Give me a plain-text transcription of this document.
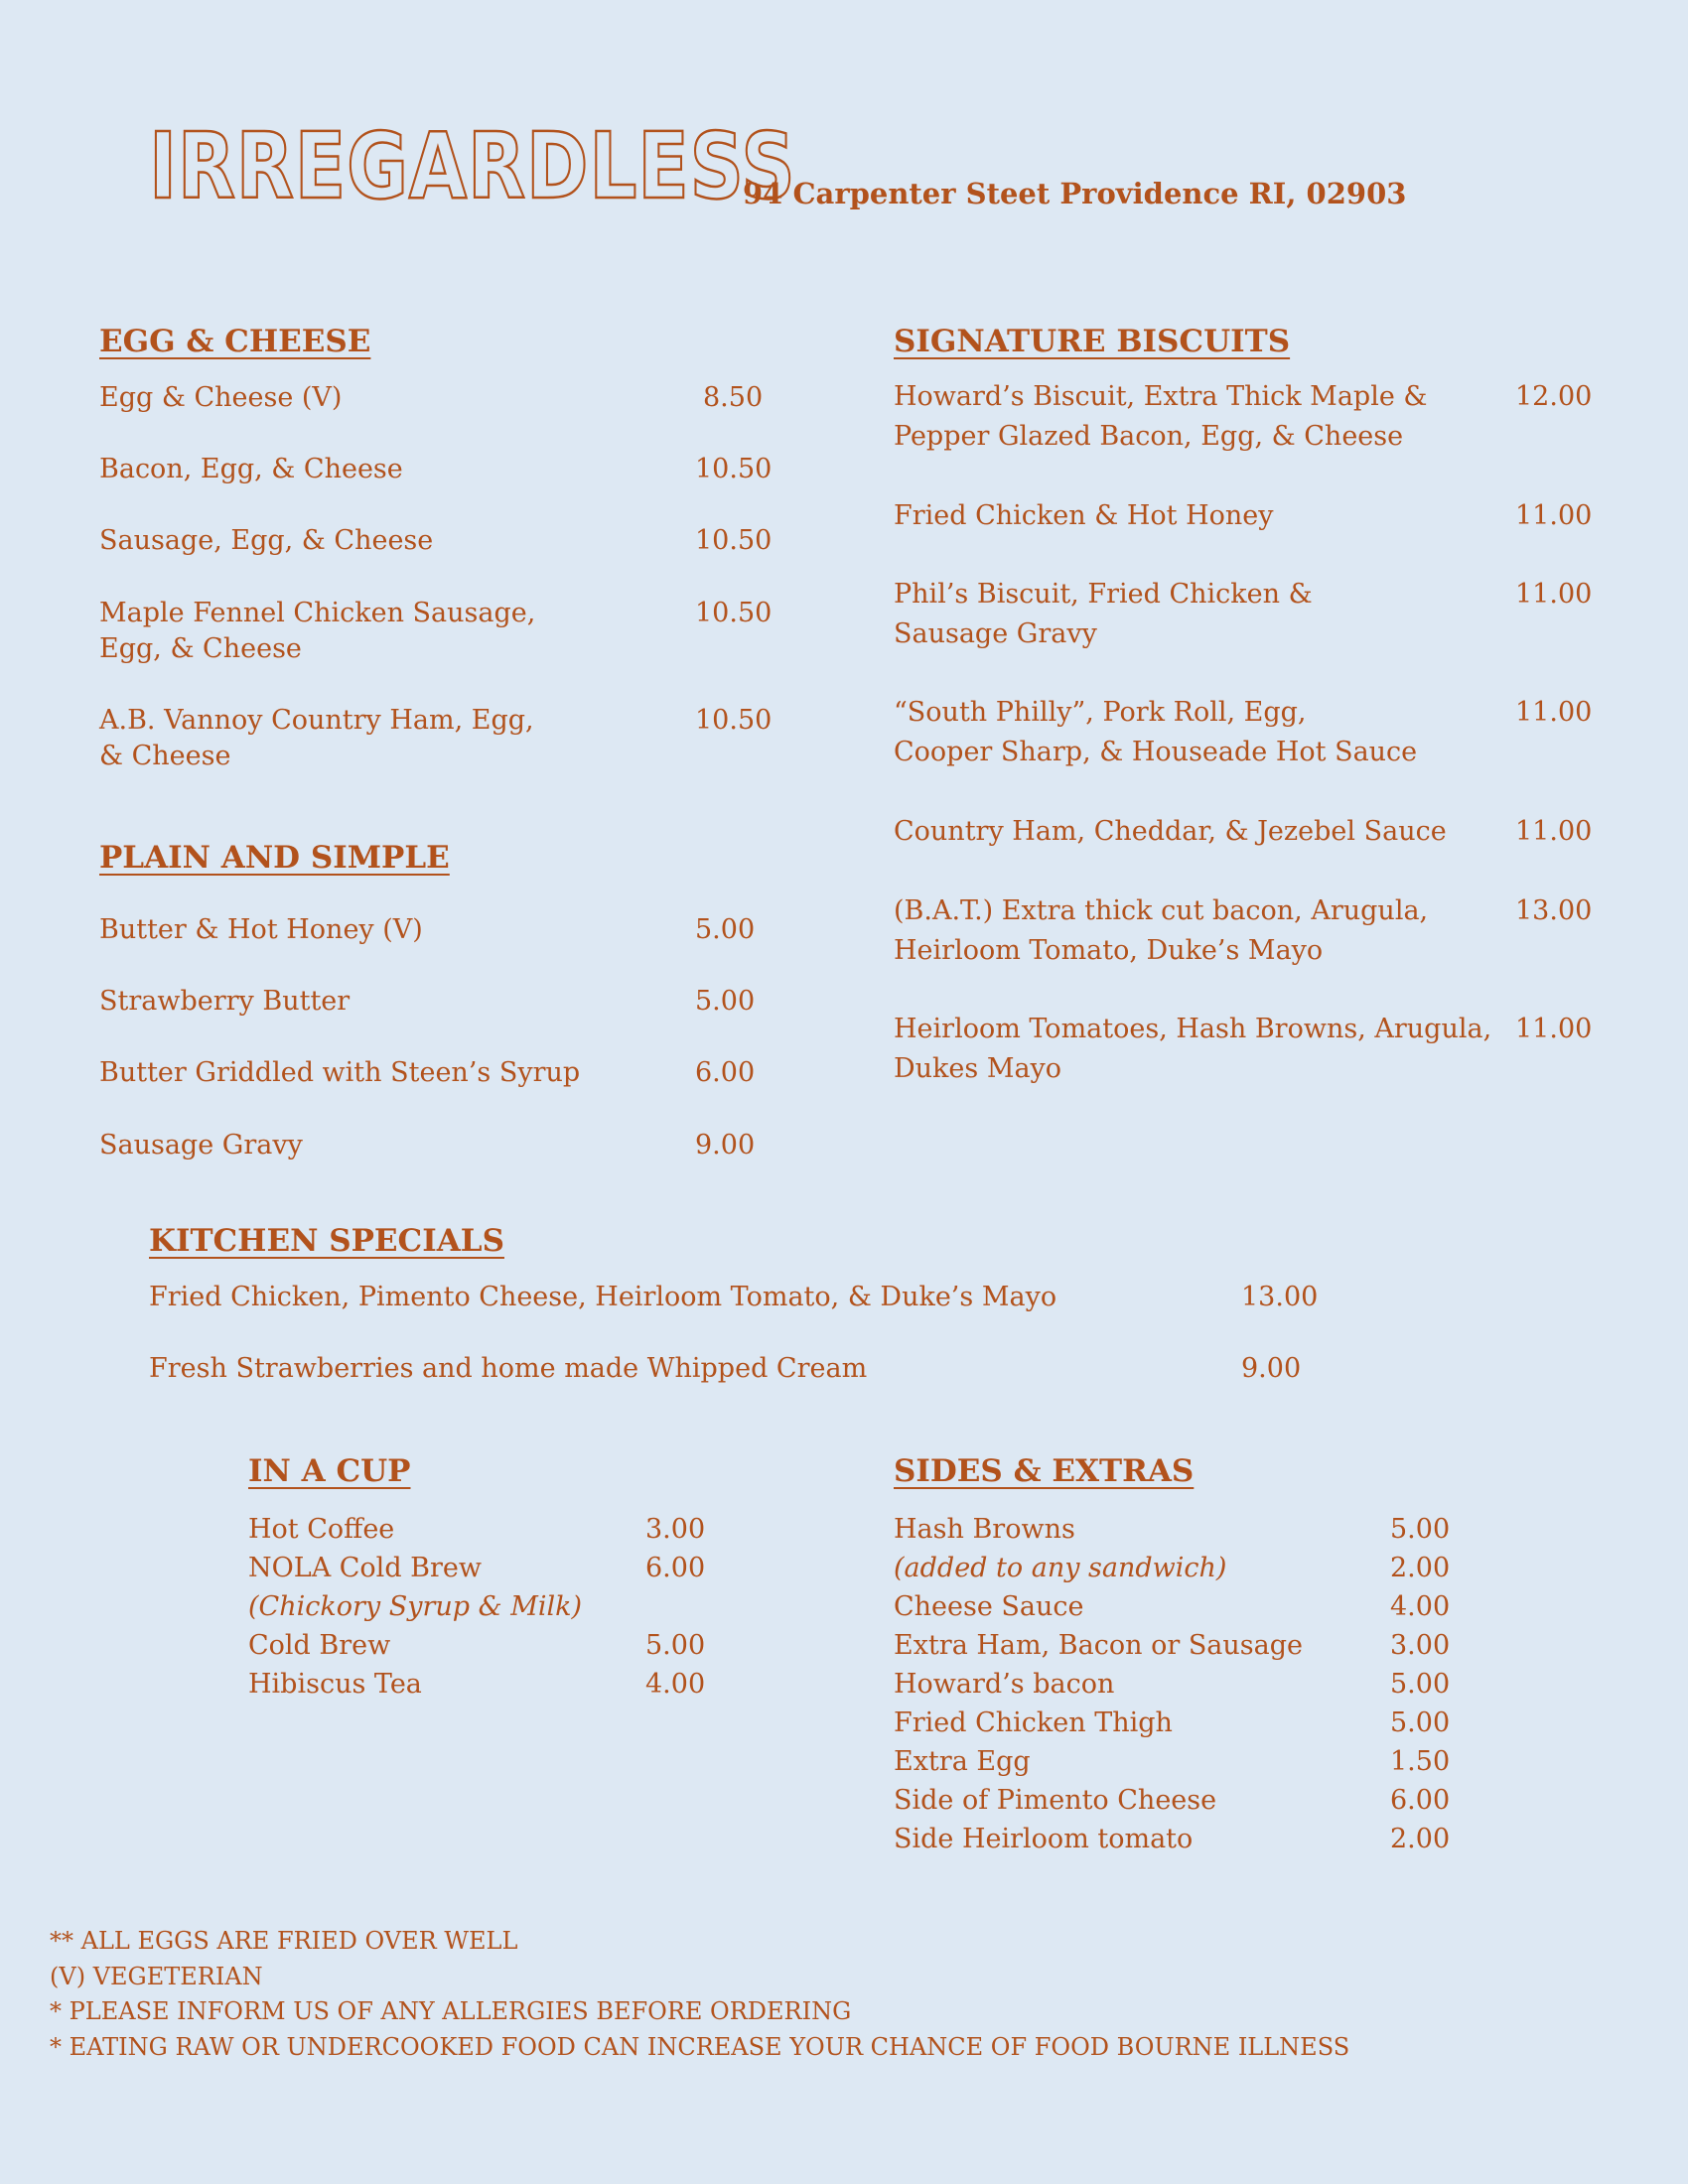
IRREGARDLESS
94 Carpenter Steet Providence RI, 02903
EGG & CHEESE
Egg & Cheese (V)	8.50
Bacon, Egg, & Cheese	10.50
Sausage, Egg, & Cheese	10.50
Maple Fennel Chicken Sausage,
Egg, & Cheese
10.50
A.B. Vannoy Country Ham, Egg,
& Cheese
10.50
PLAIN AND SIMPLE
Butter & Hot Honey (V)	5.00
Strawberry Butter	5.00
Butter Griddled with Steen’s Syrup	6.00
Sausage Gravy	9.00
SIGNATURE BISCUITS
Howard’s Biscuit, Extra Thick Maple &
Pepper Glazed Bacon, Egg, & Cheese
12.00
Fried Chicken & Hot Honey	11.00
Phil’s Biscuit, Fried Chicken &
Sausage Gravy
11.00
“South Philly”, Pork Roll, Egg,
Cooper Sharp, & Houseade Hot Sauce
11.00
Country Ham, Cheddar, & Jezebel Sauce	11.00
(B.A.T.) Extra thick cut bacon, Arugula,
Heirloom Tomato, Duke’s Mayo
13.00
Heirloom Tomatoes, Hash Browns, Arugula,
Dukes Mayo
11.00
KITCHEN SPECIALS
Fried Chicken, Pimento Cheese, Heirloom Tomato, & Duke’s Mayo	13.00
Fresh Strawberries and home made Whipped Cream	9.00
IN A CUP
Hot Coffee	3.00
NOLA Cold Brew	6.00
(Chickory Syrup & Milk)
Cold Brew	5.00
Hibiscus Tea	4.00
SIDES & EXTRAS
Hash Browns	5.00
(added to any sandwich)	2.00
Cheese Sauce	4.00
Extra Ham, Bacon or Sausage	3.00
Howard’s bacon	5.00
Fried Chicken Thigh	5.00
Extra Egg	1.50
Side of Pimento Cheese	6.00
Side Heirloom tomato	2.00
** ALL EGGS ARE FRIED OVER WELL
(V) VEGETERIAN
* PLEASE INFORM US OF ANY ALLERGIES BEFORE ORDERING
* EATING RAW OR UNDERCOOKED FOOD CAN INCREASE YOUR CHANCE OF FOOD BOURNE ILLNESS
